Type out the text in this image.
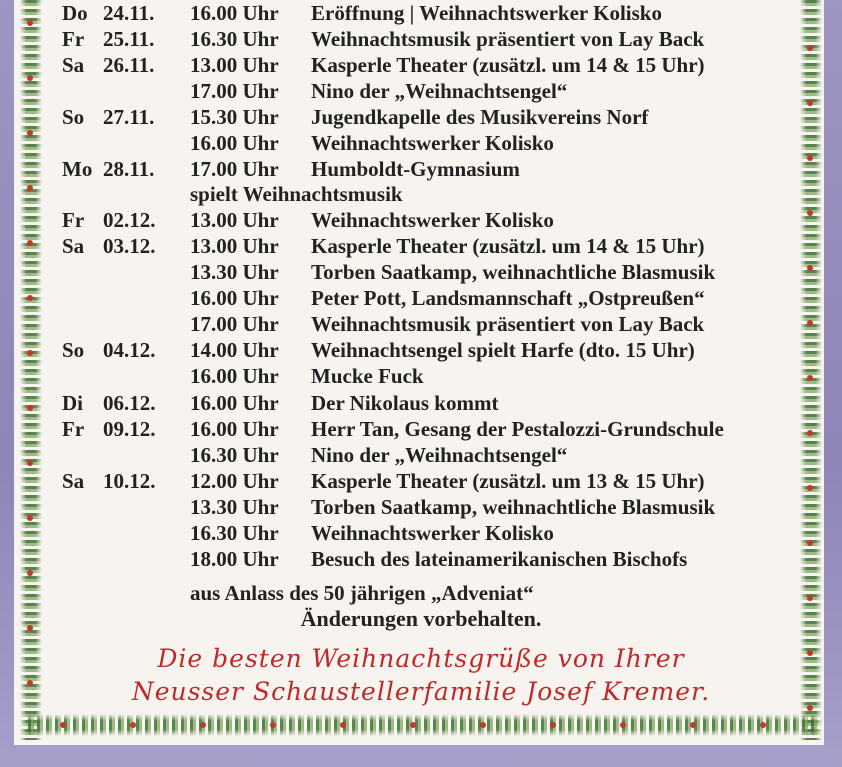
Do 24.11. 16.00 Uhr Eröffnung | Weihnachtswerker Kolisko
Fr 25.11. 16.30 Uhr Weihnachtsmusik präsentiert von Lay Back
Sa 26.11. 13.00 Uhr Kasperle Theater (zusätzl. um 14 & 15 Uhr)
17.00 Uhr Nino der „Weihnachtsengel“
So 27.11. 15.30 Uhr Jugendkapelle des Musikvereins Norf
16.00 Uhr Weihnachtswerker Kolisko
Mo 28.11. 17.00 Uhr Humboldt-Gymnasium
Fr 02.12. 13.00 Uhr Weihnachtswerker Kolisko
Sa 03.12. 13.00 Uhr Kasperle Theater (zusätzl. um 14 & 15 Uhr)
13.30 Uhr Torben Saatkamp, weihnachtliche Blasmusik
16.00 Uhr Peter Pott, Landsmannschaft „Ostpreußen“
17.00 Uhr Weihnachtsmusik präsentiert von Lay Back
So 04.12. 14.00 Uhr Weihnachtsengel spielt Harfe (dto. 15 Uhr)
16.00 Uhr Mucke Fuck
Di 06.12. 16.00 Uhr Der Nikolaus kommt
Fr 09.12. 16.00 Uhr Herr Tan, Gesang der Pestalozzi-Grundschule
16.30 Uhr Nino der „Weihnachtsengel“
Sa 10.12. 12.00 Uhr Kasperle Theater (zusätzl. um 13 & 15 Uhr)
13.30 Uhr Torben Saatkamp, weihnachtliche Blasmusik
16.30 Uhr Weihnachtswerker Kolisko
18.00 Uhr Besuch des lateinamerikanischen Bischofs
spielt Weihnachtsmusik
aus Anlass des 50 jährigen „Adveniat“
Änderungen vorbehalten.
Die besten Weihnachtsgrüße von Ihrer
Neusser Schaustellerfamilie Josef Kremer.
